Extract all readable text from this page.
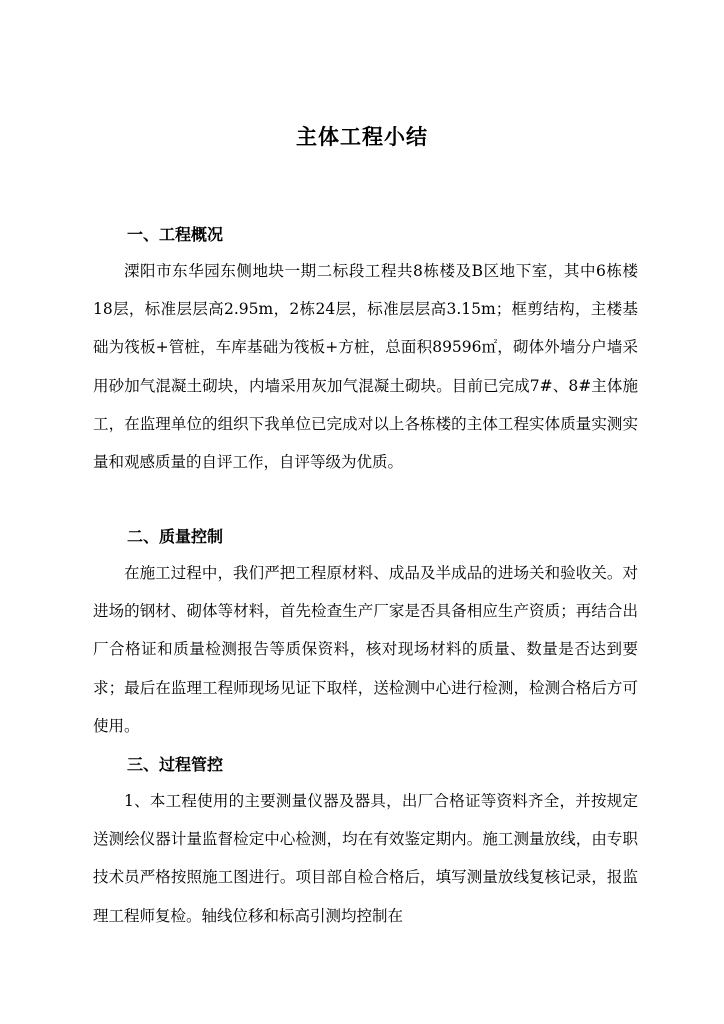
主体工程小结
一、工程概况

溧阳市东华园东侧地块一期二标段工程共8栋楼及B区地下室，其中6栋楼18层，标准层层高2.95m，2栋24层，标准层层高3.15m；框剪结构，主楼基础为筏板+管桩，车库基础为筏板+方桩，总面积89596㎡，砌体外墙分户墙采用砂加气混凝土砌块，内墙采用灰加气混凝土砌块。目前已完成7#、8#主体施工，在监理单位的组织下我单位已完成对以上各栋楼的主体工程实体质量实测实量和观感质量的自评工作，自评等级为优质。

二、质量控制

在施工过程中，我们严把工程原材料、成品及半成品的进场关和验收关。对进场的钢材、砌体等材料，首先检查生产厂家是否具备相应生产资质；再结合出厂合格证和质量检测报告等质保资料，核对现场材料的质量、数量是否达到要求；最后在监理工程师现场见证下取样，送检测中心进行检测，检测合格后方可使用。

三、过程管控

1、本工程使用的主要测量仪器及器具，出厂合格证等资料齐全，并按规定送测绘仪器计量监督检定中心检测，均在有效鉴定期内。施工测量放线，由专职技术员严格按照施工图进行。项目部自检合格后，填写测量放线复核记录，报监理工程师复检。轴线位移和标高引测均控制在
